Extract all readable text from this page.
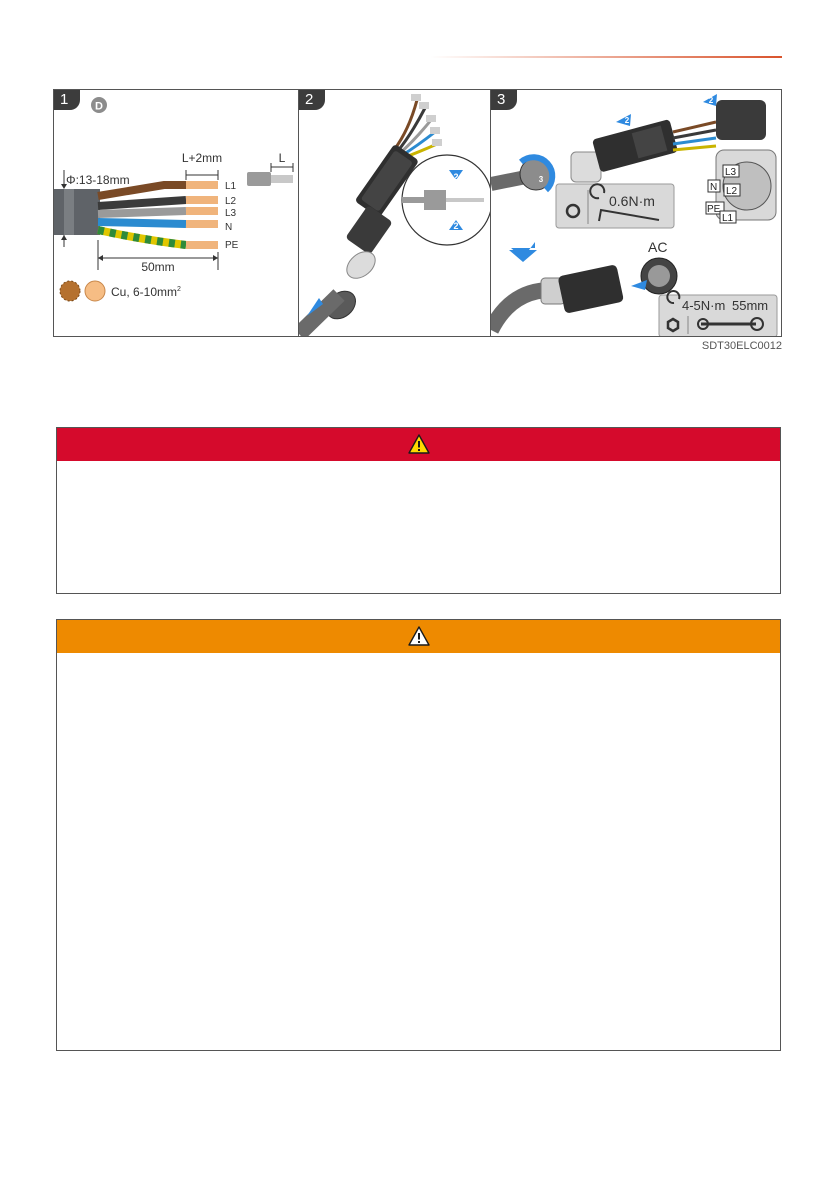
D
Φ:13-18mm
L+2mm
L1
L2
L3
N
PE
L
50mm
Cu, $6-10mm^2$
1
2
2
2
2
2
3
L3
N L2
PE
L1
0.6N·m
AC
4-5N·m 55mm
3
SDT30ELC0012
